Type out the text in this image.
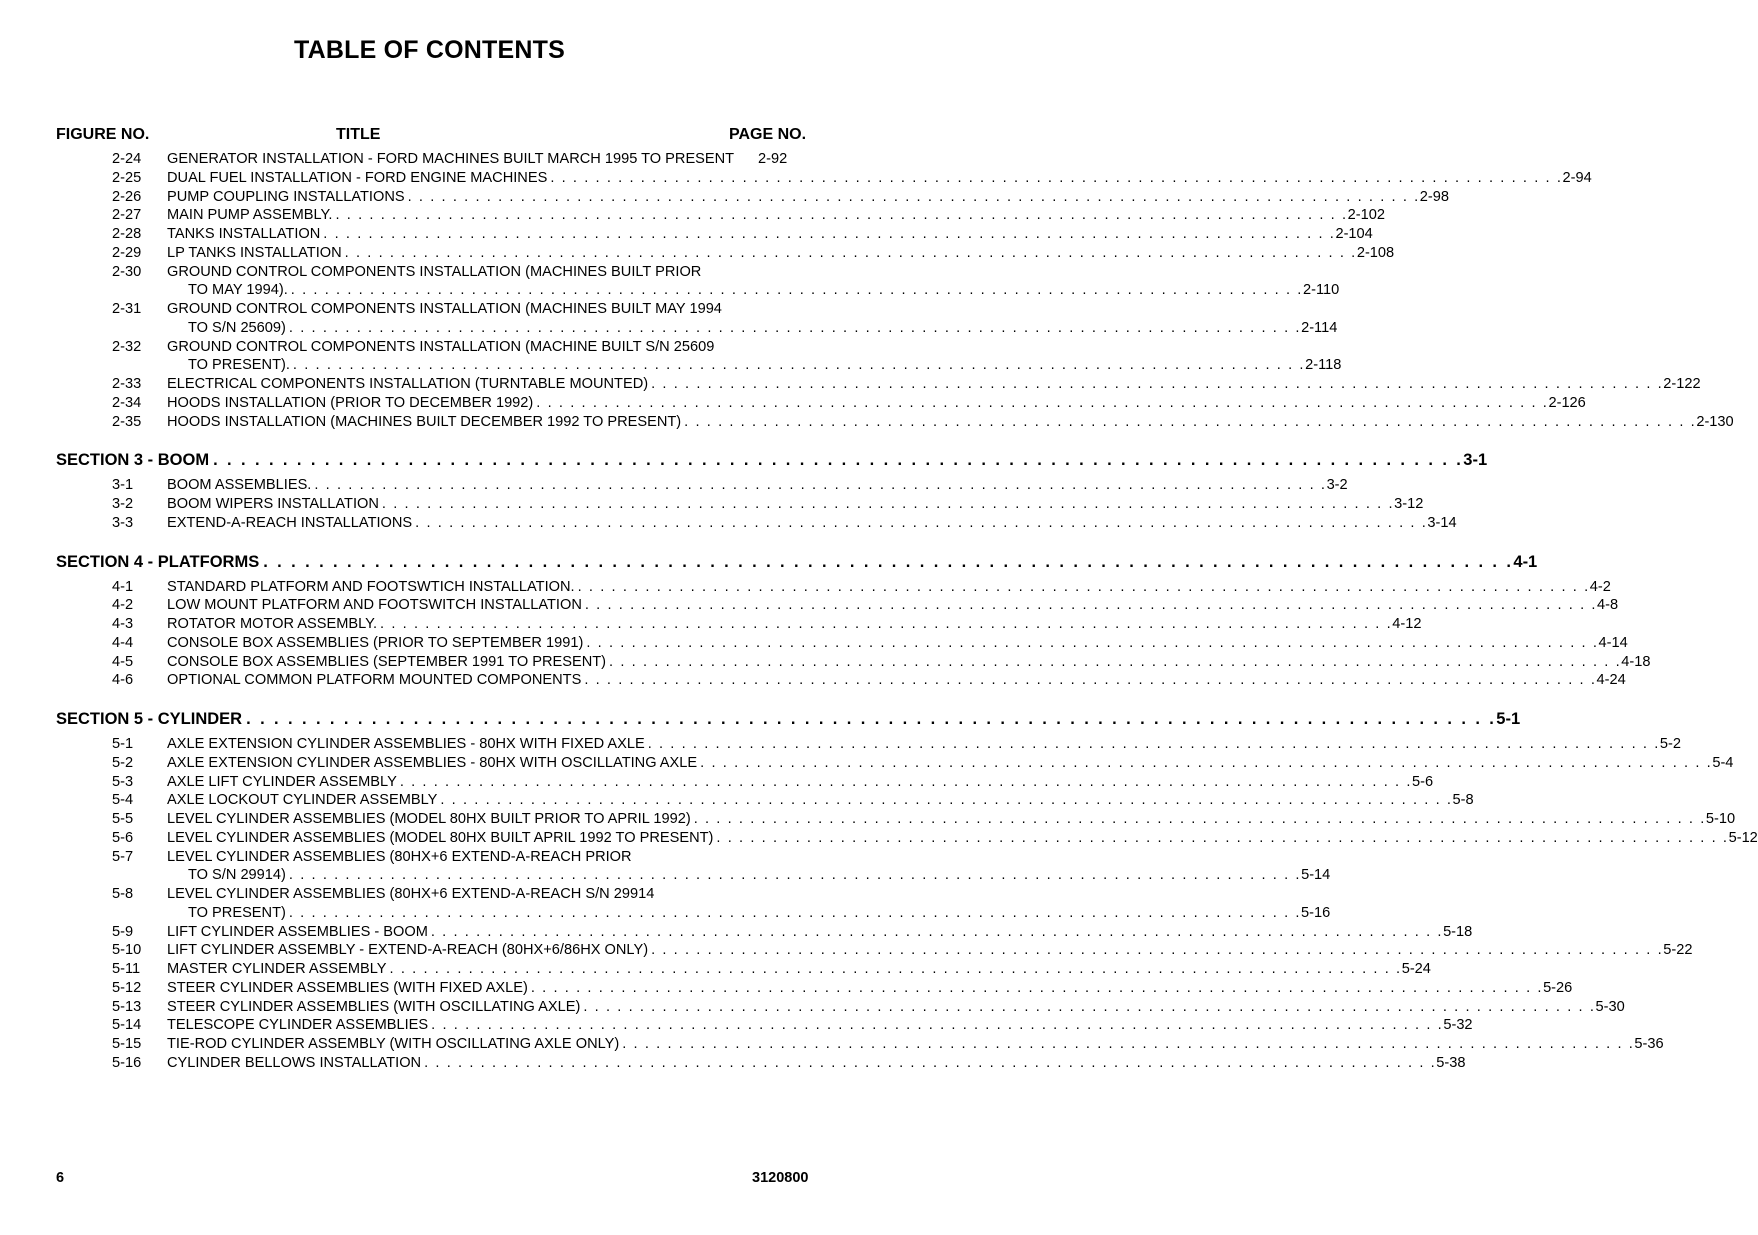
TABLE OF CONTENTS
FIGURE NO.	TITLE	PAGE NO.
2-24 GENERATOR INSTALLATION - FORD MACHINES BUILT MARCH 1995 TO PRESENT 2-92
2-25 DUAL FUEL INSTALLATION - FORD ENGINE MACHINES . . . . . . . . . . . . . . . . . . . . . . . . . . . . . . . . . . . . . . . . . . . . . . . . . . . . . . . . . . . . . . . . . . . . . . . . . . . . . . . . . . . . . . . . . . 2-94
2-26 PUMP COUPLING INSTALLATIONS . . . . . . . . . . . . . . . . . . . . . . . . . . . . . . . . . . . . . . . . . . . . . . . . . . . . . . . . . . . . . . . . . . . . . . . . . . . . . . . . . . . . . . . . . . 2-98
2-27 MAIN PUMP ASSEMBLY. . . . . . . . . . . . . . . . . . . . . . . . . . . . . . . . . . . . . . . . . . . . . . . . . . . . . . . . . . . . . . . . . . . . . . . . . . . . . . . . . . . . . . . . . . . 2-102
2-28 TANKS INSTALLATION . . . . . . . . . . . . . . . . . . . . . . . . . . . . . . . . . . . . . . . . . . . . . . . . . . . . . . . . . . . . . . . . . . . . . . . . . . . . . . . . . . . . . . . . . . 2-104
2-29 LP TANKS INSTALLATION . . . . . . . . . . . . . . . . . . . . . . . . . . . . . . . . . . . . . . . . . . . . . . . . . . . . . . . . . . . . . . . . . . . . . . . . . . . . . . . . . . . . . . . . . . 2-108
2-30 GROUND CONTROL COMPONENTS INSTALLATION (MACHINES BUILT PRIOR
TO MAY 1994). . . . . . . . . . . . . . . . . . . . . . . . . . . . . . . . . . . . . . . . . . . . . . . . . . . . . . . . . . . . . . . . . . . . . . . . . . . . . . . . . . . . . . . . . . . 2-110
2-31 GROUND CONTROL COMPONENTS INSTALLATION (MACHINES BUILT MAY 1994
TO S/N 25609) . . . . . . . . . . . . . . . . . . . . . . . . . . . . . . . . . . . . . . . . . . . . . . . . . . . . . . . . . . . . . . . . . . . . . . . . . . . . . . . . . . . . . . . . . . 2-114
2-32 GROUND CONTROL COMPONENTS INSTALLATION (MACHINE BUILT S/N 25609
TO PRESENT). . . . . . . . . . . . . . . . . . . . . . . . . . . . . . . . . . . . . . . . . . . . . . . . . . . . . . . . . . . . . . . . . . . . . . . . . . . . . . . . . . . . . . . . . . . 2-118
2-33 ELECTRICAL COMPONENTS INSTALLATION (TURNTABLE MOUNTED) . . . . . . . . . . . . . . . . . . . . . . . . . . . . . . . . . . . . . . . . . . . . . . . . . . . . . . . . . . . . . . . . . . . . . . . . . . . . . . . . . . . . . . . . . . 2-122
2-34 HOODS INSTALLATION (PRIOR TO DECEMBER 1992) . . . . . . . . . . . . . . . . . . . . . . . . . . . . . . . . . . . . . . . . . . . . . . . . . . . . . . . . . . . . . . . . . . . . . . . . . . . . . . . . . . . . . . . . . . 2-126
2-35 HOODS INSTALLATION (MACHINES BUILT DECEMBER 1992 TO PRESENT) . . . . . . . . . . . . . . . . . . . . . . . . . . . . . . . . . . . . . . . . . . . . . . . . . . . . . . . . . . . . . . . . . . . . . . . . . . . . . . . . . . . . . . . . . . 2-130
SECTION 3 - BOOM . . . . . . . . . . . . . . . . . . . . . . . . . . . . . . . . . . . . . . . . . . . . . . . . . . . . . . . . . . . . . . . . . . . . . . . . . . . . . . . . . . . . . . . . . . 3-1
3-1 BOOM ASSEMBLIES. . . . . . . . . . . . . . . . . . . . . . . . . . . . . . . . . . . . . . . . . . . . . . . . . . . . . . . . . . . . . . . . . . . . . . . . . . . . . . . . . . . . . . . . . . . 3-2
3-2 BOOM WIPERS INSTALLATION . . . . . . . . . . . . . . . . . . . . . . . . . . . . . . . . . . . . . . . . . . . . . . . . . . . . . . . . . . . . . . . . . . . . . . . . . . . . . . . . . . . . . . . . . . 3-12
3-3 EXTEND-A-REACH INSTALLATIONS . . . . . . . . . . . . . . . . . . . . . . . . . . . . . . . . . . . . . . . . . . . . . . . . . . . . . . . . . . . . . . . . . . . . . . . . . . . . . . . . . . . . . . . . . . 3-14
SECTION 4 - PLATFORMS . . . . . . . . . . . . . . . . . . . . . . . . . . . . . . . . . . . . . . . . . . . . . . . . . . . . . . . . . . . . . . . . . . . . . . . . . . . . . . . . . . . . . . . . . . 4-1
4-1 STANDARD PLATFORM AND FOOTSWTICH INSTALLATION. . . . . . . . . . . . . . . . . . . . . . . . . . . . . . . . . . . . . . . . . . . . . . . . . . . . . . . . . . . . . . . . . . . . . . . . . . . . . . . . . . . . . . . . . . . 4-2
4-2 LOW MOUNT PLATFORM AND FOOTSWITCH INSTALLATION . . . . . . . . . . . . . . . . . . . . . . . . . . . . . . . . . . . . . . . . . . . . . . . . . . . . . . . . . . . . . . . . . . . . . . . . . . . . . . . . . . . . . . . . . . 4-8
4-3 ROTATOR MOTOR ASSEMBLY. . . . . . . . . . . . . . . . . . . . . . . . . . . . . . . . . . . . . . . . . . . . . . . . . . . . . . . . . . . . . . . . . . . . . . . . . . . . . . . . . . . . . . . . . . . 4-12
4-4 CONSOLE BOX ASSEMBLIES (PRIOR TO SEPTEMBER 1991) . . . . . . . . . . . . . . . . . . . . . . . . . . . . . . . . . . . . . . . . . . . . . . . . . . . . . . . . . . . . . . . . . . . . . . . . . . . . . . . . . . . . . . . . . . 4-14
4-5 CONSOLE BOX ASSEMBLIES (SEPTEMBER 1991 TO PRESENT) . . . . . . . . . . . . . . . . . . . . . . . . . . . . . . . . . . . . . . . . . . . . . . . . . . . . . . . . . . . . . . . . . . . . . . . . . . . . . . . . . . . . . . . . . . 4-18
4-6 OPTIONAL COMMON PLATFORM MOUNTED COMPONENTS . . . . . . . . . . . . . . . . . . . . . . . . . . . . . . . . . . . . . . . . . . . . . . . . . . . . . . . . . . . . . . . . . . . . . . . . . . . . . . . . . . . . . . . . . . 4-24
SECTION 5 - CYLINDER . . . . . . . . . . . . . . . . . . . . . . . . . . . . . . . . . . . . . . . . . . . . . . . . . . . . . . . . . . . . . . . . . . . . . . . . . . . . . . . . . . . . . . . . . . 5-1
5-1 AXLE EXTENSION CYLINDER ASSEMBLIES - 80HX WITH FIXED AXLE . . . . . . . . . . . . . . . . . . . . . . . . . . . . . . . . . . . . . . . . . . . . . . . . . . . . . . . . . . . . . . . . . . . . . . . . . . . . . . . . . . . . . . . . . . 5-2
5-2 AXLE EXTENSION CYLINDER ASSEMBLIES - 80HX WITH OSCILLATING AXLE . . . . . . . . . . . . . . . . . . . . . . . . . . . . . . . . . . . . . . . . . . . . . . . . . . . . . . . . . . . . . . . . . . . . . . . . . . . . . . . . . . . . . . . . . . 5-4
5-3 AXLE LIFT CYLINDER ASSEMBLY . . . . . . . . . . . . . . . . . . . . . . . . . . . . . . . . . . . . . . . . . . . . . . . . . . . . . . . . . . . . . . . . . . . . . . . . . . . . . . . . . . . . . . . . . . 5-6
5-4 AXLE LOCKOUT CYLINDER ASSEMBLY . . . . . . . . . . . . . . . . . . . . . . . . . . . . . . . . . . . . . . . . . . . . . . . . . . . . . . . . . . . . . . . . . . . . . . . . . . . . . . . . . . . . . . . . . . 5-8
5-5 LEVEL CYLINDER ASSEMBLIES (MODEL 80HX BUILT PRIOR TO APRIL 1992) . . . . . . . . . . . . . . . . . . . . . . . . . . . . . . . . . . . . . . . . . . . . . . . . . . . . . . . . . . . . . . . . . . . . . . . . . . . . . . . . . . . . . . . . . . 5-10
5-6 LEVEL CYLINDER ASSEMBLIES (MODEL 80HX BUILT APRIL 1992 TO PRESENT) . . . . . . . . . . . . . . . . . . . . . . . . . . . . . . . . . . . . . . . . . . . . . . . . . . . . . . . . . . . . . . . . . . . . . . . . . . . . . . . . . . . . . . . . . . 5-12
5-7 LEVEL CYLINDER ASSEMBLIES (80HX+6 EXTEND-A-REACH PRIOR
TO S/N 29914) . . . . . . . . . . . . . . . . . . . . . . . . . . . . . . . . . . . . . . . . . . . . . . . . . . . . . . . . . . . . . . . . . . . . . . . . . . . . . . . . . . . . . . . . . . 5-14
5-8 LEVEL CYLINDER ASSEMBLIES (80HX+6 EXTEND-A-REACH S/N 29914
TO PRESENT) . . . . . . . . . . . . . . . . . . . . . . . . . . . . . . . . . . . . . . . . . . . . . . . . . . . . . . . . . . . . . . . . . . . . . . . . . . . . . . . . . . . . . . . . . . 5-16
5-9 LIFT CYLINDER ASSEMBLIES - BOOM . . . . . . . . . . . . . . . . . . . . . . . . . . . . . . . . . . . . . . . . . . . . . . . . . . . . . . . . . . . . . . . . . . . . . . . . . . . . . . . . . . . . . . . . . . 5-18
5-10 LIFT CYLINDER ASSEMBLY - EXTEND-A-REACH (80HX+6/86HX ONLY) . . . . . . . . . . . . . . . . . . . . . . . . . . . . . . . . . . . . . . . . . . . . . . . . . . . . . . . . . . . . . . . . . . . . . . . . . . . . . . . . . . . . . . . . . . 5-22
5-11 MASTER CYLINDER ASSEMBLY . . . . . . . . . . . . . . . . . . . . . . . . . . . . . . . . . . . . . . . . . . . . . . . . . . . . . . . . . . . . . . . . . . . . . . . . . . . . . . . . . . . . . . . . . . 5-24
5-12 STEER CYLINDER ASSEMBLIES (WITH FIXED AXLE) . . . . . . . . . . . . . . . . . . . . . . . . . . . . . . . . . . . . . . . . . . . . . . . . . . . . . . . . . . . . . . . . . . . . . . . . . . . . . . . . . . . . . . . . . . 5-26
5-13 STEER CYLINDER ASSEMBLIES (WITH OSCILLATING AXLE) . . . . . . . . . . . . . . . . . . . . . . . . . . . . . . . . . . . . . . . . . . . . . . . . . . . . . . . . . . . . . . . . . . . . . . . . . . . . . . . . . . . . . . . . . . 5-30
5-14 TELESCOPE CYLINDER ASSEMBLIES . . . . . . . . . . . . . . . . . . . . . . . . . . . . . . . . . . . . . . . . . . . . . . . . . . . . . . . . . . . . . . . . . . . . . . . . . . . . . . . . . . . . . . . . . . 5-32
5-15 TIE-ROD CYLINDER ASSEMBLY (WITH OSCILLATING AXLE ONLY) . . . . . . . . . . . . . . . . . . . . . . . . . . . . . . . . . . . . . . . . . . . . . . . . . . . . . . . . . . . . . . . . . . . . . . . . . . . . . . . . . . . . . . . . . . 5-36
5-16 CYLINDER BELLOWS INSTALLATION . . . . . . . . . . . . . . . . . . . . . . . . . . . . . . . . . . . . . . . . . . . . . . . . . . . . . . . . . . . . . . . . . . . . . . . . . . . . . . . . . . . . . . . . . . 5-38
6	3120800
